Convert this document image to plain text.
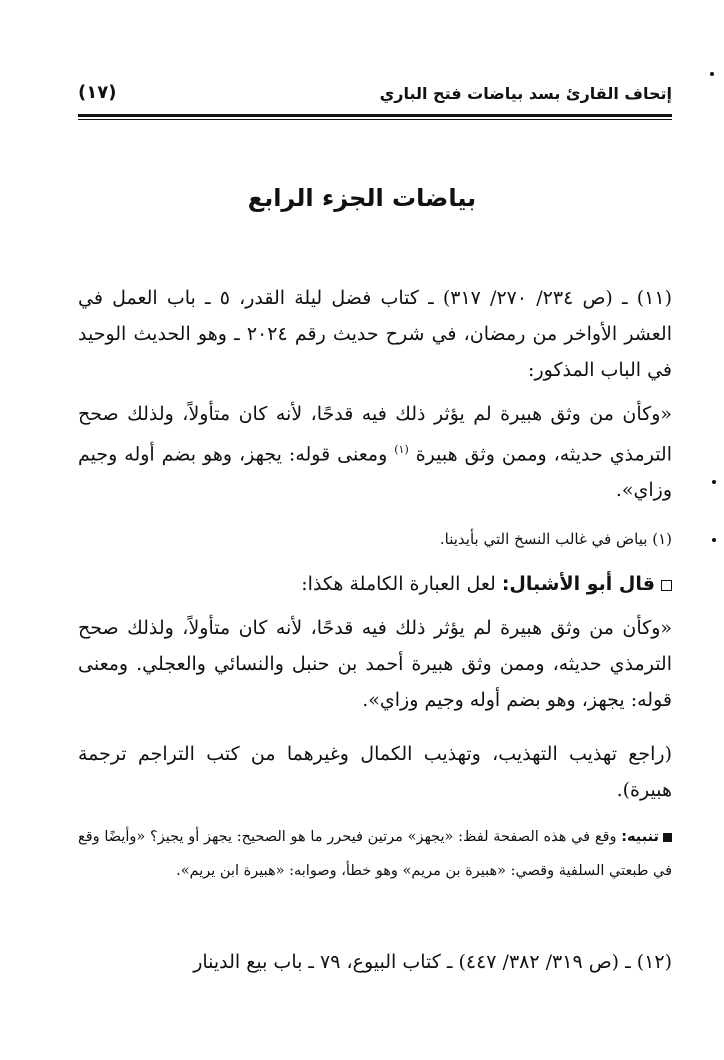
إتحاف القارئ بسد بياضات فتح الباري
(١٧)
بياضات الجزء الرابع

(١١) ـ (ص ٢٣٤/ ٢٧٠/ ٣١٧) ـ كتاب فضل ليلة القدر، ٥ ـ باب العمل في العشر الأواخر من رمضان، في شرح حديث رقم ٢٠٢٤ ـ وهو الحديث الوحيد في الباب المذكور:

«وكأن من وثق هبيرة لم يؤثر ذلك فيه قدحًا، لأنه كان متأولاً، ولذلك صحح الترمذي حديثه، وممن وثق هبيرة $^{(١)}$ ومعنى قوله: يجهز، وهو بضم أوله وجيم وزاي».

(١) بياض في غالب النسخ التي بأيدينا.

قال أبو الأشبال: لعل العبارة الكاملة هكذا:

«وكأن من وثق هبيرة لم يؤثر ذلك فيه قدحًا، لأنه كان متأولاً، ولذلك صحح الترمذي حديثه، وممن وثق هبيرة أحمد بن حنبل والنسائي والعجلي. ومعنى قوله: يجهز، وهو بضم أوله وجيم وزاي».

(راجع تهذيب التهذيب، وتهذيب الكمال وغيرهما من كتب التراجم ترجمة هبيرة).

تنبيه: وقع في هذه الصفحة لفظ: «يجهز» مرتين فيحرر ما هو الصحيح: يجهز أو يجيز؟ «وأيضًا وقع في طبعتي السلفية وقصي: «هبيرة بن مريم» وهو خطأ، وصوابه: «هبيرة ابن يريم».

(١٢) ـ (ص ٣١٩/ ٣٨٢/ ٤٤٧) ـ كتاب البيوع، ٧٩ ـ باب بيع الدينار
